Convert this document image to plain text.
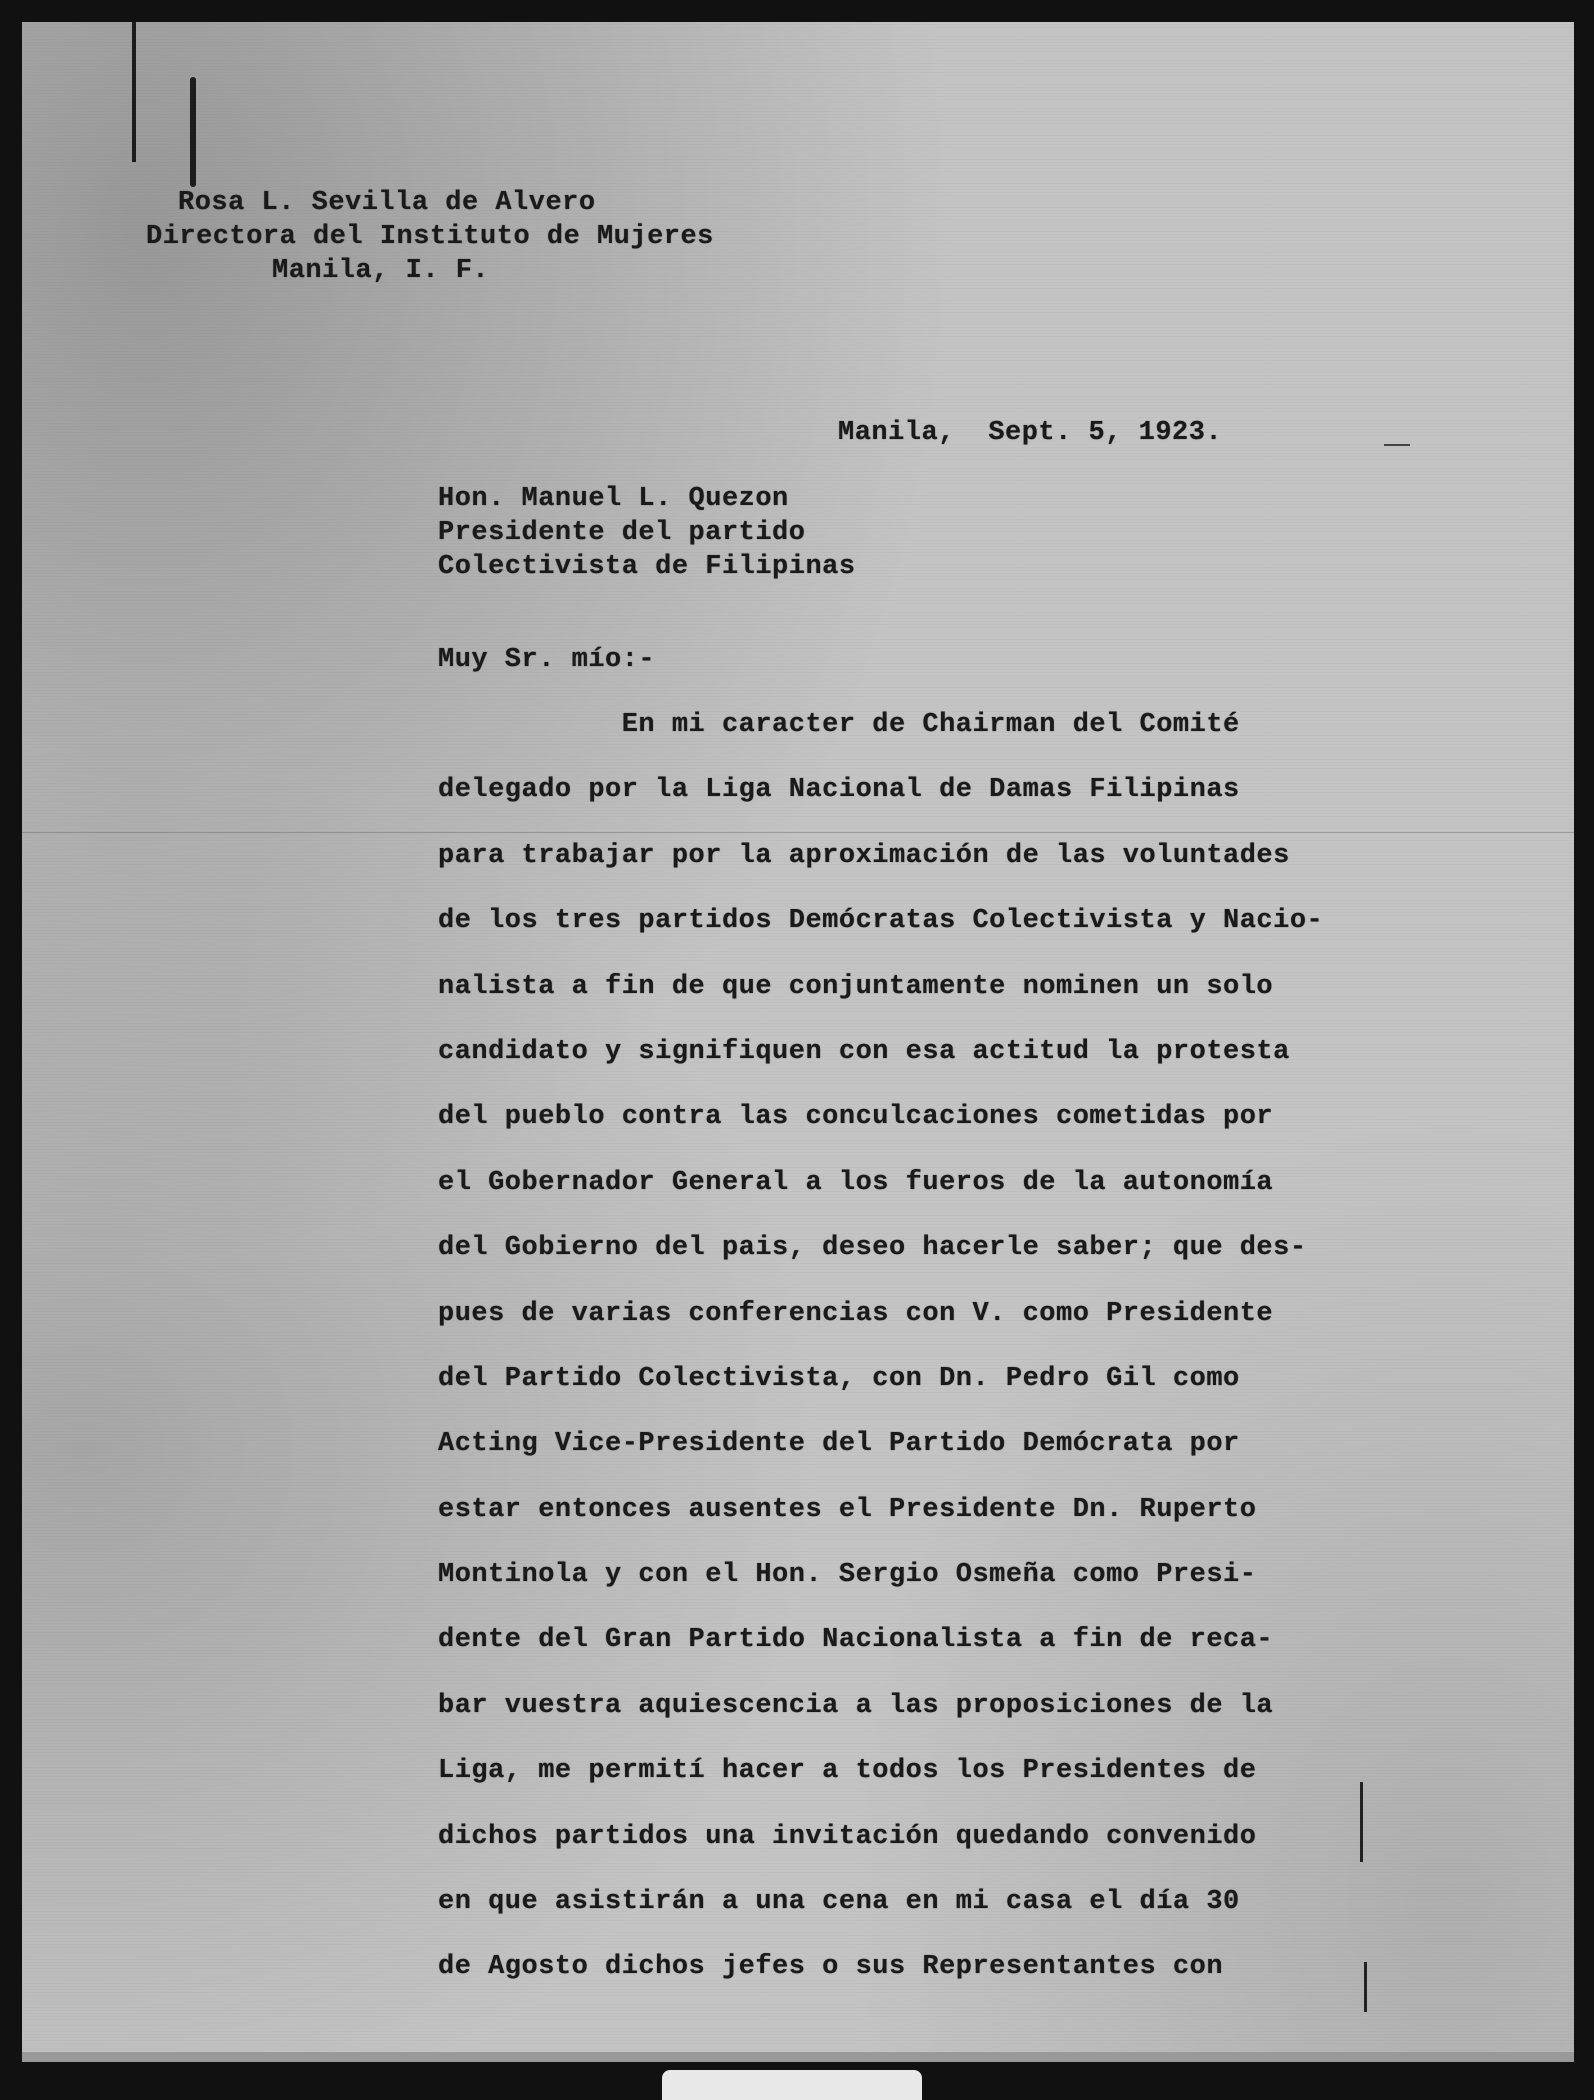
Rosa L. Sevilla de Alvero
Directora del Instituto de Mujeres
Manila, I. F.
Manila,  Sept. 5, 1923.
Hon. Manuel L. Quezon
Presidente del partido
Colectivista de Filipinas
Muy Sr. mío:-
En mi caracter de Chairman del Comité
delegado por la Liga Nacional de Damas Filipinas
para trabajar por la aproximación de las voluntades
de los tres partidos Demócratas Colectivista y Nacio-
nalista a fin de que conjuntamente nominen un solo
candidato y signifiquen con esa actitud la protesta
del pueblo contra las conculcaciones cometidas por
el Gobernador General a los fueros de la autonomía
del Gobierno del pais, deseo hacerle saber; que des-
pues de varias conferencias con V. como Presidente
del Partido Colectivista, con Dn. Pedro Gil como
Acting Vice-Presidente del Partido Demócrata por
estar entonces ausentes el Presidente Dn. Ruperto
Montinola y con el Hon. Sergio Osmeña como Presi-
dente del Gran Partido Nacionalista a fin de reca-
bar vuestra aquiescencia a las proposiciones de la
Liga, me permití hacer a todos los Presidentes de
dichos partidos una invitación quedando convenido
en que asistirán a una cena en mi casa el día 30
de Agosto dichos jefes o sus Representantes con
